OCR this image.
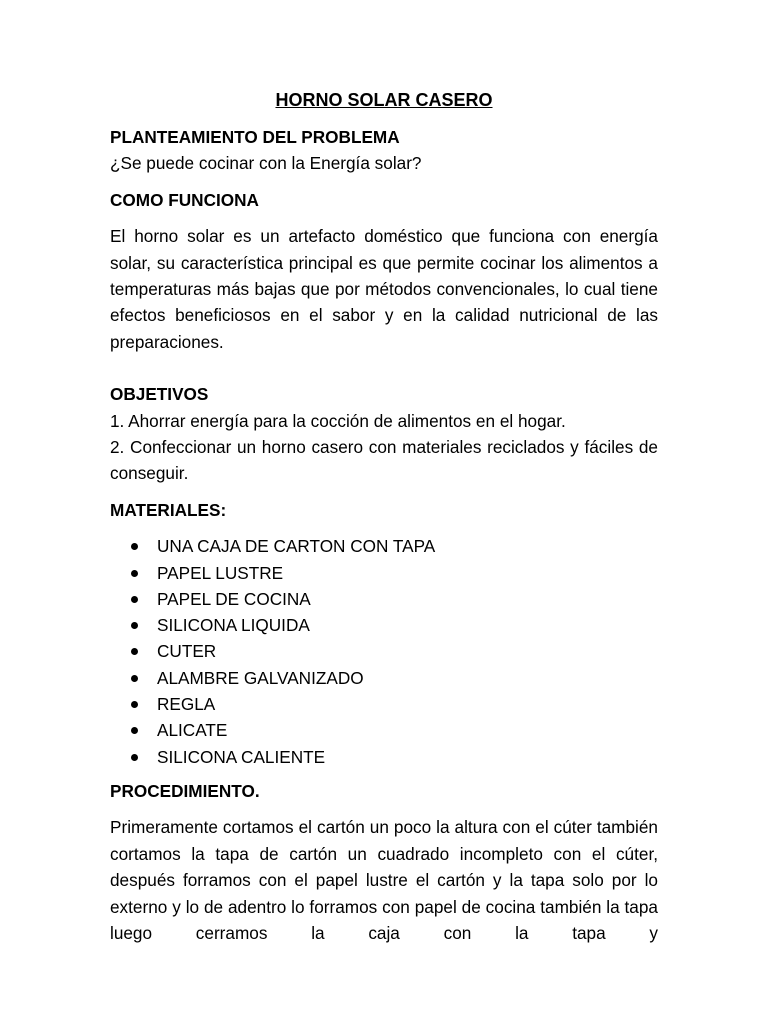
HORNO SOLAR CASERO
PLANTEAMIENTO DEL PROBLEMA
¿Se puede cocinar con la Energía solar?
COMO FUNCIONA
El horno solar es un artefacto doméstico que funciona con energía solar, su característica principal es que permite cocinar los alimentos a temperaturas más bajas que por métodos convencionales, lo cual tiene efectos beneficiosos en el sabor y en la calidad nutricional de las preparaciones.
OBJETIVOS
1. Ahorrar energía para la cocción de alimentos en el hogar.
2. Confeccionar un horno casero con materiales reciclados y fáciles de conseguir.
MATERIALES:
UNA CAJA DE CARTON CON TAPA
PAPEL LUSTRE
PAPEL DE COCINA
SILICONA LIQUIDA
CUTER
ALAMBRE GALVANIZADO
REGLA
ALICATE
SILICONA CALIENTE
PROCEDIMIENTO.
Primeramente cortamos el cartón un poco la altura con el cúter también cortamos la tapa de cartón un cuadrado incompleto con el cúter, después forramos con el papel lustre el cartón y la tapa solo por lo externo y lo de adentro lo forramos con papel de cocina también la tapa luego cerramos la caja con la tapa y
